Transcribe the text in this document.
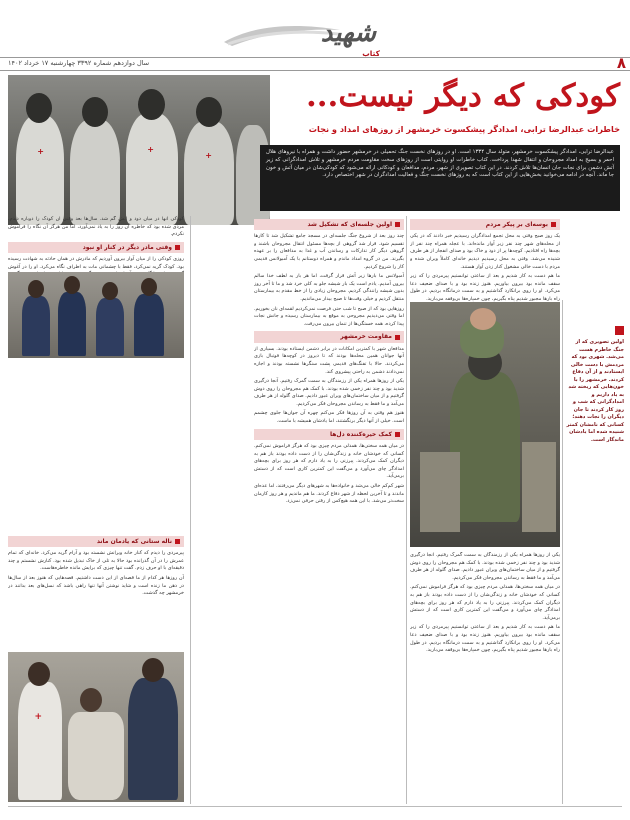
شهید
کتاب
۸
سال دوازدهم شماره ۳۳۹۲ چهارشنبه ۱۷ خرداد ۱۴۰۲
+	+
+
کودکی که دیگر نیست...
خاطرات عبدالرضا ترابی، امدادگر پیشکسوت خرمشهر از روزهای امداد و نجات
عبدالرضا ترابی، امدادگر پیشکسوت خرمشهر، متولد سال ۱۳۳۴ است. او در روزهای نخست جنگ تحمیلی در خرمشهر حضور داشت و همراه با نیروهای هلال احمر و بسیج به امداد مجروحان و انتقال شهدا پرداخت. کتاب خاطرات او روایتی است از روزهای سخت مقاومت مردم خرمشهر و تلاش امدادگرانی که زیر آتش دشمن برای نجات جان انسان‌ها تلاش کردند. در این کتاب تصویری از شهر، مردم، مدافعان و کودکانی ارائه می‌شود که کودکی‌شان در میان آتش و خون جا ماند. آنچه در ادامه می‌خوانید بخش‌هایی از این کتاب است که به روزهای نخست جنگ و فعالیت امدادگران در شهر اختصاص دارد.
بوسه‌ای بر پیکر مردم

یک روز صبح وقتی به محل تجمع امدادگران رسیدیم خبر دادند که در یکی از محله‌های شهر چند نفر زیر آوار مانده‌اند. با عجله همراه چند نفر از بچه‌ها راه افتادیم. کوچه‌ها پر از دود و خاک بود و صدای انفجار از هر طرف شنیده می‌شد. وقتی به محل رسیدیم دیدیم خانه‌ای کاملاً ویران شده و مردم با دست خالی مشغول کنار زدن آوار هستند.

ما هم دست به کار شدیم و بعد از ساعتی توانستیم پیرمردی را که زیر سقف مانده بود بیرون بیاوریم. هنوز زنده بود و با صدای ضعیف دعا می‌کرد. او را روی برانکارد گذاشتیم و به سمت درمانگاه بردیم. در طول راه بارها مجبور شدیم پناه بگیریم، چون خمپاره‌ها بی‌وقفه می‌بارید.

اولین جلسه‌ای که تشکیل شد

چند روز بعد از شروع جنگ جلسه‌ای در مسجد جامع تشکیل شد تا کارها تقسیم شود. قرار شد گروهی از بچه‌ها مسئول انتقال مجروحان باشند و گروهی دیگر کار تدارکات و رساندن آب و غذا به مدافعان را بر عهده بگیرند. من در گروه امداد ماندم و همراه دوستانم با یک آمبولانس قدیمی کار را شروع کردیم.

آمبولانس ما بارها زیر آتش قرار گرفت، اما هر بار به لطف خدا سالم بیرون آمدیم. یادم است یک بار شیشه جلو به کلی خرد شد و ما تا آخر روز بدون شیشه رانندگی کردیم. مجروحان زیادی را از خط مقدم به بیمارستان منتقل کردیم و خیلی وقت‌ها تا صبح بیدار می‌ماندیم.

روزهایی بود که از صبح تا شب حتی فرصت نمی‌کردیم لقمه‌ای نان بخوریم. اما وقتی می‌دیدیم مجروحی به موقع به بیمارستان رسیده و جانش نجات پیدا کرده، همه خستگی‌ها از تنمان بیرون می‌رفت.

مقاومت خرمشهر

مدافعان شهر با کمترین امکانات در برابر دشمن ایستاده بودند. بسیاری از آنها جوانان همین محله‌ها بودند که تا دیروز در کوچه‌ها فوتبال بازی می‌کردند. حالا با تفنگ‌های قدیمی پشت سنگرها نشسته بودند و اجازه نمی‌دادند دشمن به راحتی پیشروی کند.

یکی از روزها همراه یکی از رزمندگان به سمت گمرک رفتیم. آنجا درگیری شدید بود و چند نفر زخمی شده بودند. با کمک هم مجروحان را روی دوش گرفتیم و از میان ساختمان‌های ویران عبور دادیم. صدای گلوله از هر طرف می‌آمد و ما فقط به رساندن مجروحان فکر می‌کردیم.

هنوز هم وقتی به آن روزها فکر می‌کنم چهره آن جوان‌ها جلوی چشمم است. خیلی از آنها دیگر برنگشتند، اما یادشان همیشه با ماست.

کمک خیره‌کننده دل‌ها

در میان همه سختی‌ها، همدلی مردم چیزی بود که هرگز فراموش نمی‌کنم. کسانی که خودشان خانه و زندگی‌شان را از دست داده بودند باز هم به دیگران کمک می‌کردند. پیرزنی را به یاد دارم که هر روز برای بچه‌های امدادگر چای می‌آورد و می‌گفت این کمترین کاری است که از دستش برمی‌آید.

شهر کم‌کم خالی می‌شد و خانواده‌ها به شهرهای دیگر می‌رفتند، اما عده‌ای ماندند و تا آخرین لحظه از شهر دفاع کردند. ما هم ماندیم و هر روز کارمان سخت‌تر می‌شد. با این همه هیچ‌کس از رفتن حرفی نمی‌زد.

کودکی آنها در میان دود و آتش گم شد. سال‌ها بعد وقتی آن کودک را دوباره دیدم، مردی شده بود که خاطره آن روز را به یاد نمی‌آورد، اما من هرگز آن نگاه را فراموش نکردم.

وقتی مادر دیگر در کنار او نبود

روزی کودکی را از میان آوار بیرون آوردیم که مادرش در همان حادثه به شهادت رسیده بود. کودک گریه نمی‌کرد، فقط با چشمانی مات به اطراف نگاه می‌کرد. او را در آغوش

ناله ستانی که یادمان ماند

پیرمردی را دیدم که کنار خانه ویرانش نشسته بود و آرام گریه می‌کرد. خانه‌ای که تمام عمرش را در آن گذرانده بود حالا به تلی از خاک تبدیل شده بود. کنارش نشستم و چند دقیقه‌ای با او حرف زدم. گفت تنها چیزی که برایش مانده خاطره‌هاست.

آن روزها هر کدام از ما قصه‌ای از این دست داشتیم. قصه‌هایی که هنوز بعد از سال‌ها در ذهن ما زنده است و شاید نوشتن آنها تنها راهی باشد که نسل‌های بعد بدانند در خرمشهر چه گذشت.

+
اولین تصویری که از جنگ خاطرم هست می‌شد. شهری بود که مردمش با دست خالی ایستادند و از آن دفاع کردند. خرمشهر را با خون‌هایی که ریخته شد به یاد داریم و امدادگرانی که شب و روز کار کردند تا جان دیگران را نجات دهند؛ کسانی که نامشان کمتر شنیده شده اما یادشان ماندگار است.

یکی از روزها همراه یکی از رزمندگان به سمت گمرک رفتیم. آنجا درگیری شدید بود و چند نفر زخمی شده بودند. با کمک هم مجروحان را روی دوش گرفتیم و از میان ساختمان‌های ویران عبور دادیم. صدای گلوله از هر طرف می‌آمد و ما فقط به رساندن مجروحان فکر می‌کردیم.

در میان همه سختی‌ها، همدلی مردم چیزی بود که هرگز فراموش نمی‌کنم. کسانی که خودشان خانه و زندگی‌شان را از دست داده بودند باز هم به دیگران کمک می‌کردند. پیرزنی را به یاد دارم که هر روز برای بچه‌های امدادگر چای می‌آورد و می‌گفت این کمترین کاری است که از دستش برمی‌آید.

ما هم دست به کار شدیم و بعد از ساعتی توانستیم پیرمردی را که زیر سقف مانده بود بیرون بیاوریم. هنوز زنده بود و با صدای ضعیف دعا می‌کرد. او را روی برانکارد گذاشتیم و به سمت درمانگاه بردیم. در طول راه بارها مجبور شدیم پناه بگیریم، چون خمپاره‌ها بی‌وقفه می‌بارید.
